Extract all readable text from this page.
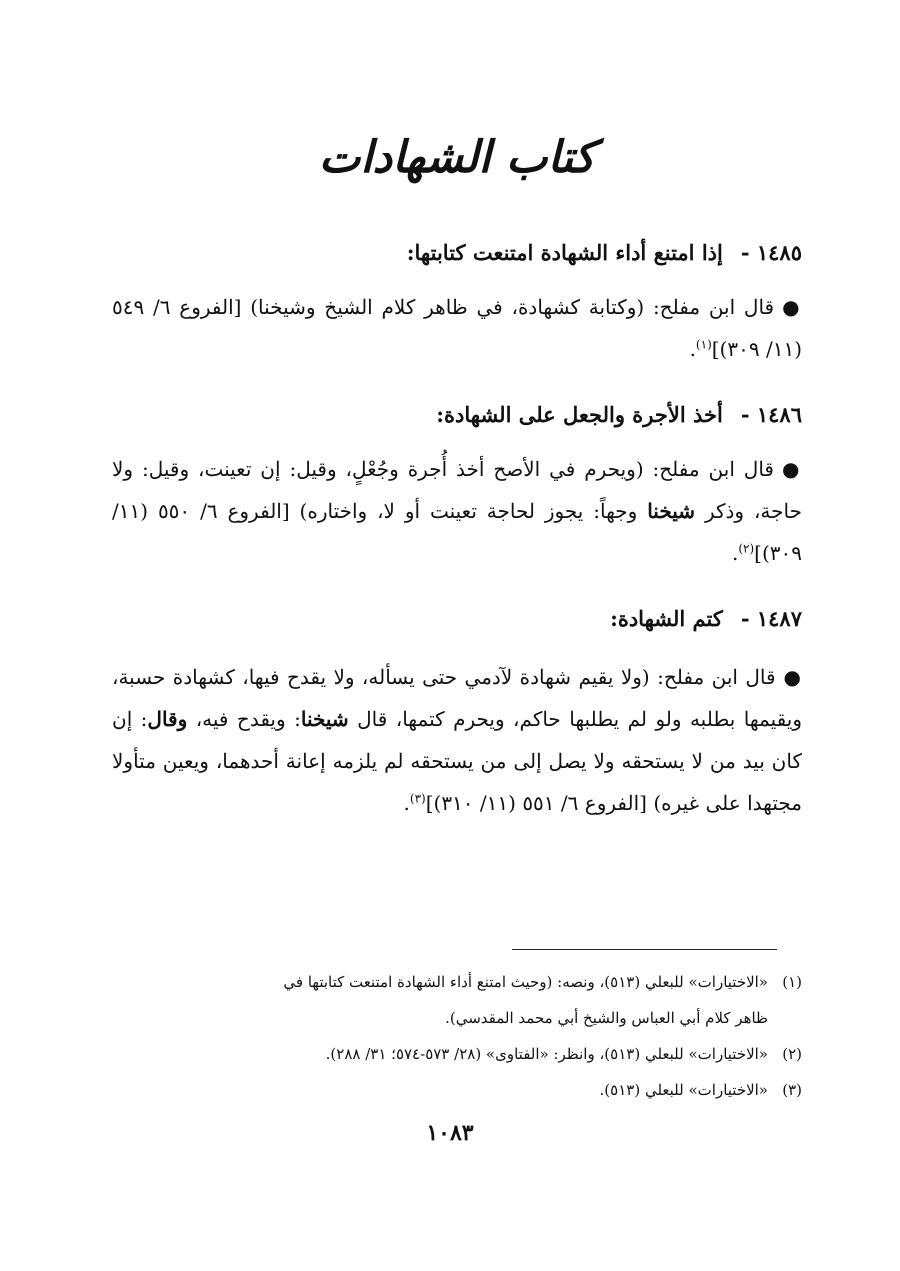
كتاب الشهادات
١٤٨٥ -إذا امتنع أداء الشهادة امتنعت كتابتها:

●قال ابن مفلح: (وكتابة كشهادة، في ظاهر كلام الشيخ وشيخنا) [الفروع ٦/ ٥٤٩ (١١/ ٣٠٩)]$^{(١)}$.

١٤٨٦ -أخذ الأجرة والجعل على الشهادة:

●قال ابن مفلح: (ويحرم في الأصح أخذ أُجرة وجُعْلٍ، وقيل: إن تعينت، وقيل: ولا حاجة، وذكر شيخنا وجهاً: يجوز لحاجة تعينت أو لا، واختاره) [الفروع ٦/ ٥٥٠ (١١/ ٣٠٩)]$^{(٢)}$.

١٤٨٧ -كتم الشهادة:

●قال ابن مفلح: (ولا يقيم شهادة لآدمي حتى يسأله، ولا يقدح فيها، كشهادة حسبة، ويقيمها بطلبه ولو لم يطلبها حاكم، ويحرم كتمها، قال شيخنا: ويقدح فيه، وقال: إن كان بيد من لا يستحقه ولا يصل إلى من يستحقه لم يلزمه إعانة أحدهما، ويعين متأولا مجتهدا على غيره) [الفروع ٦/ ٥٥١ (١١/ ٣١٠)]$^{(٣)}$.

(١)«الاختيارات» للبعلي (٥١٣)، ونصه: (وحيث امتنع أداء الشهادة امتنعت كتابتها في

ظاهر كلام أبي العباس والشيخ أبي محمد المقدسي).

(٢)«الاختيارات» للبعلي (٥١٣)، وانظر: «الفتاوى» (٢٨/ ٥٧٣-٥٧٤؛ ٣١/ ٢٨٨).

(٣)«الاختيارات» للبعلي (٥١٣).

١٠٨٣
